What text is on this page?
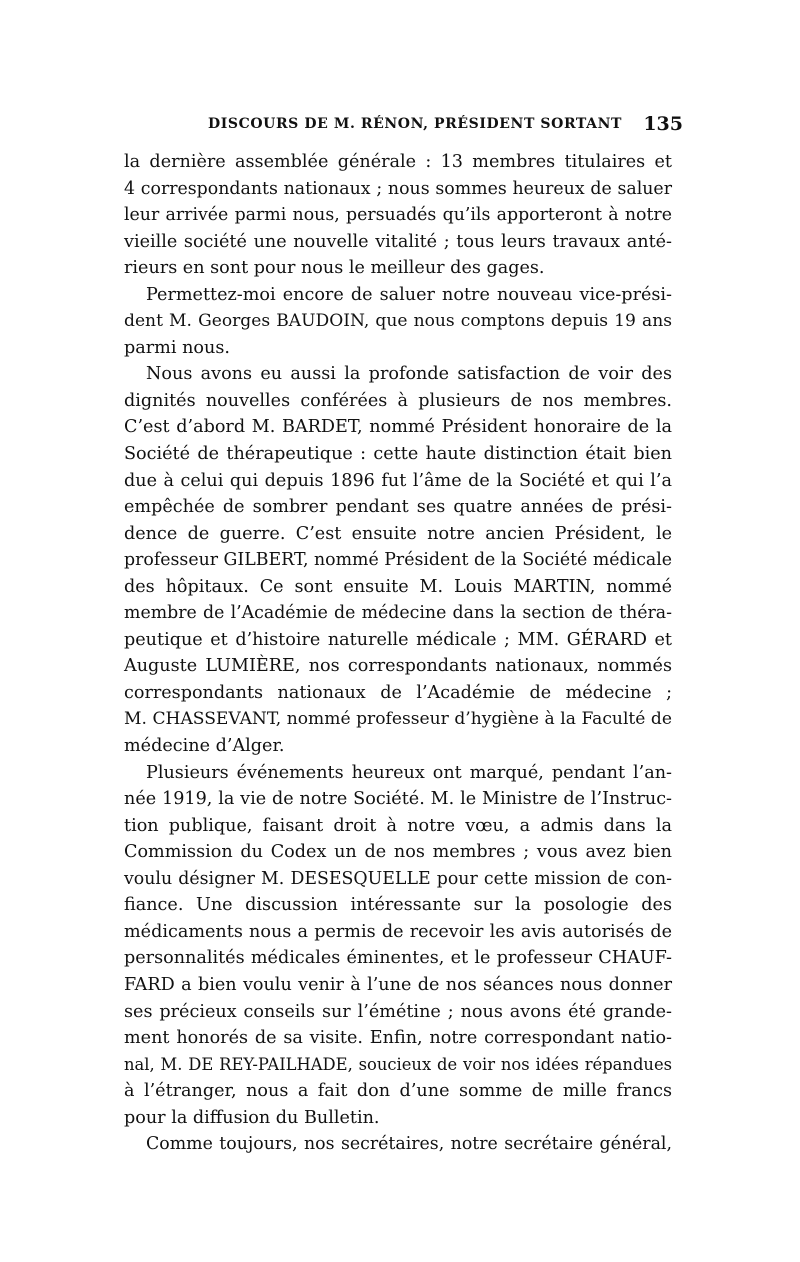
DISCOURS DE M. RÉNON, PRÉSIDENT SORTANT 135
la dernière assemblée générale : 13 membres titulaires et
4 correspondants nationaux ; nous sommes heureux de saluer
leur arrivée parmi nous, persuadés qu’ils apporteront à notre
vieille société une nouvelle vitalité ; tous leurs travaux anté-
rieurs en sont pour nous le meilleur des gages.
Permettez-moi encore de saluer notre nouveau vice-prési-
dent M. Georges BAUDOIN, que nous comptons depuis 19 ans
parmi nous.
Nous avons eu aussi la profonde satisfaction de voir des
dignités nouvelles conférées à plusieurs de nos membres.
C’est d’abord M. BARDET, nommé Président honoraire de la
Société de thérapeutique : cette haute distinction était bien
due à celui qui depuis 1896 fut l’âme de la Société et qui l’a
empêchée de sombrer pendant ses quatre années de prési-
dence de guerre. C’est ensuite notre ancien Président, le
professeur GILBERT, nommé Président de la Société médicale
des hôpitaux. Ce sont ensuite M. Louis MARTIN, nommé
membre de l’Académie de médecine dans la section de théra-
peutique et d’histoire naturelle médicale ; MM. GÉRARD et
Auguste LUMIÈRE, nos correspondants nationaux, nommés
correspondants nationaux de l’Académie de médecine ;
M. CHASSEVANT, nommé professeur d’hygiène à la Faculté de
médecine d’Alger.
Plusieurs événements heureux ont marqué, pendant l’an-
née 1919, la vie de notre Société. M. le Ministre de l’Instruc-
tion publique, faisant droit à notre vœu, a admis dans la
Commission du Codex un de nos membres ; vous avez bien
voulu désigner M. DESESQUELLE pour cette mission de con-
fiance. Une discussion intéressante sur la posologie des
médicaments nous a permis de recevoir les avis autorisés de
personnalités médicales éminentes, et le professeur CHAUF-
FARD a bien voulu venir à l’une de nos séances nous donner
ses précieux conseils sur l’émétine ; nous avons été grande-
ment honorés de sa visite. Enfin, notre correspondant natio-
nal, M. DE REY-PAILHADE, soucieux de voir nos idées répandues
à l’étranger, nous a fait don d’une somme de mille francs
pour la diffusion du Bulletin.
Comme toujours, nos secrétaires, notre secrétaire général,
